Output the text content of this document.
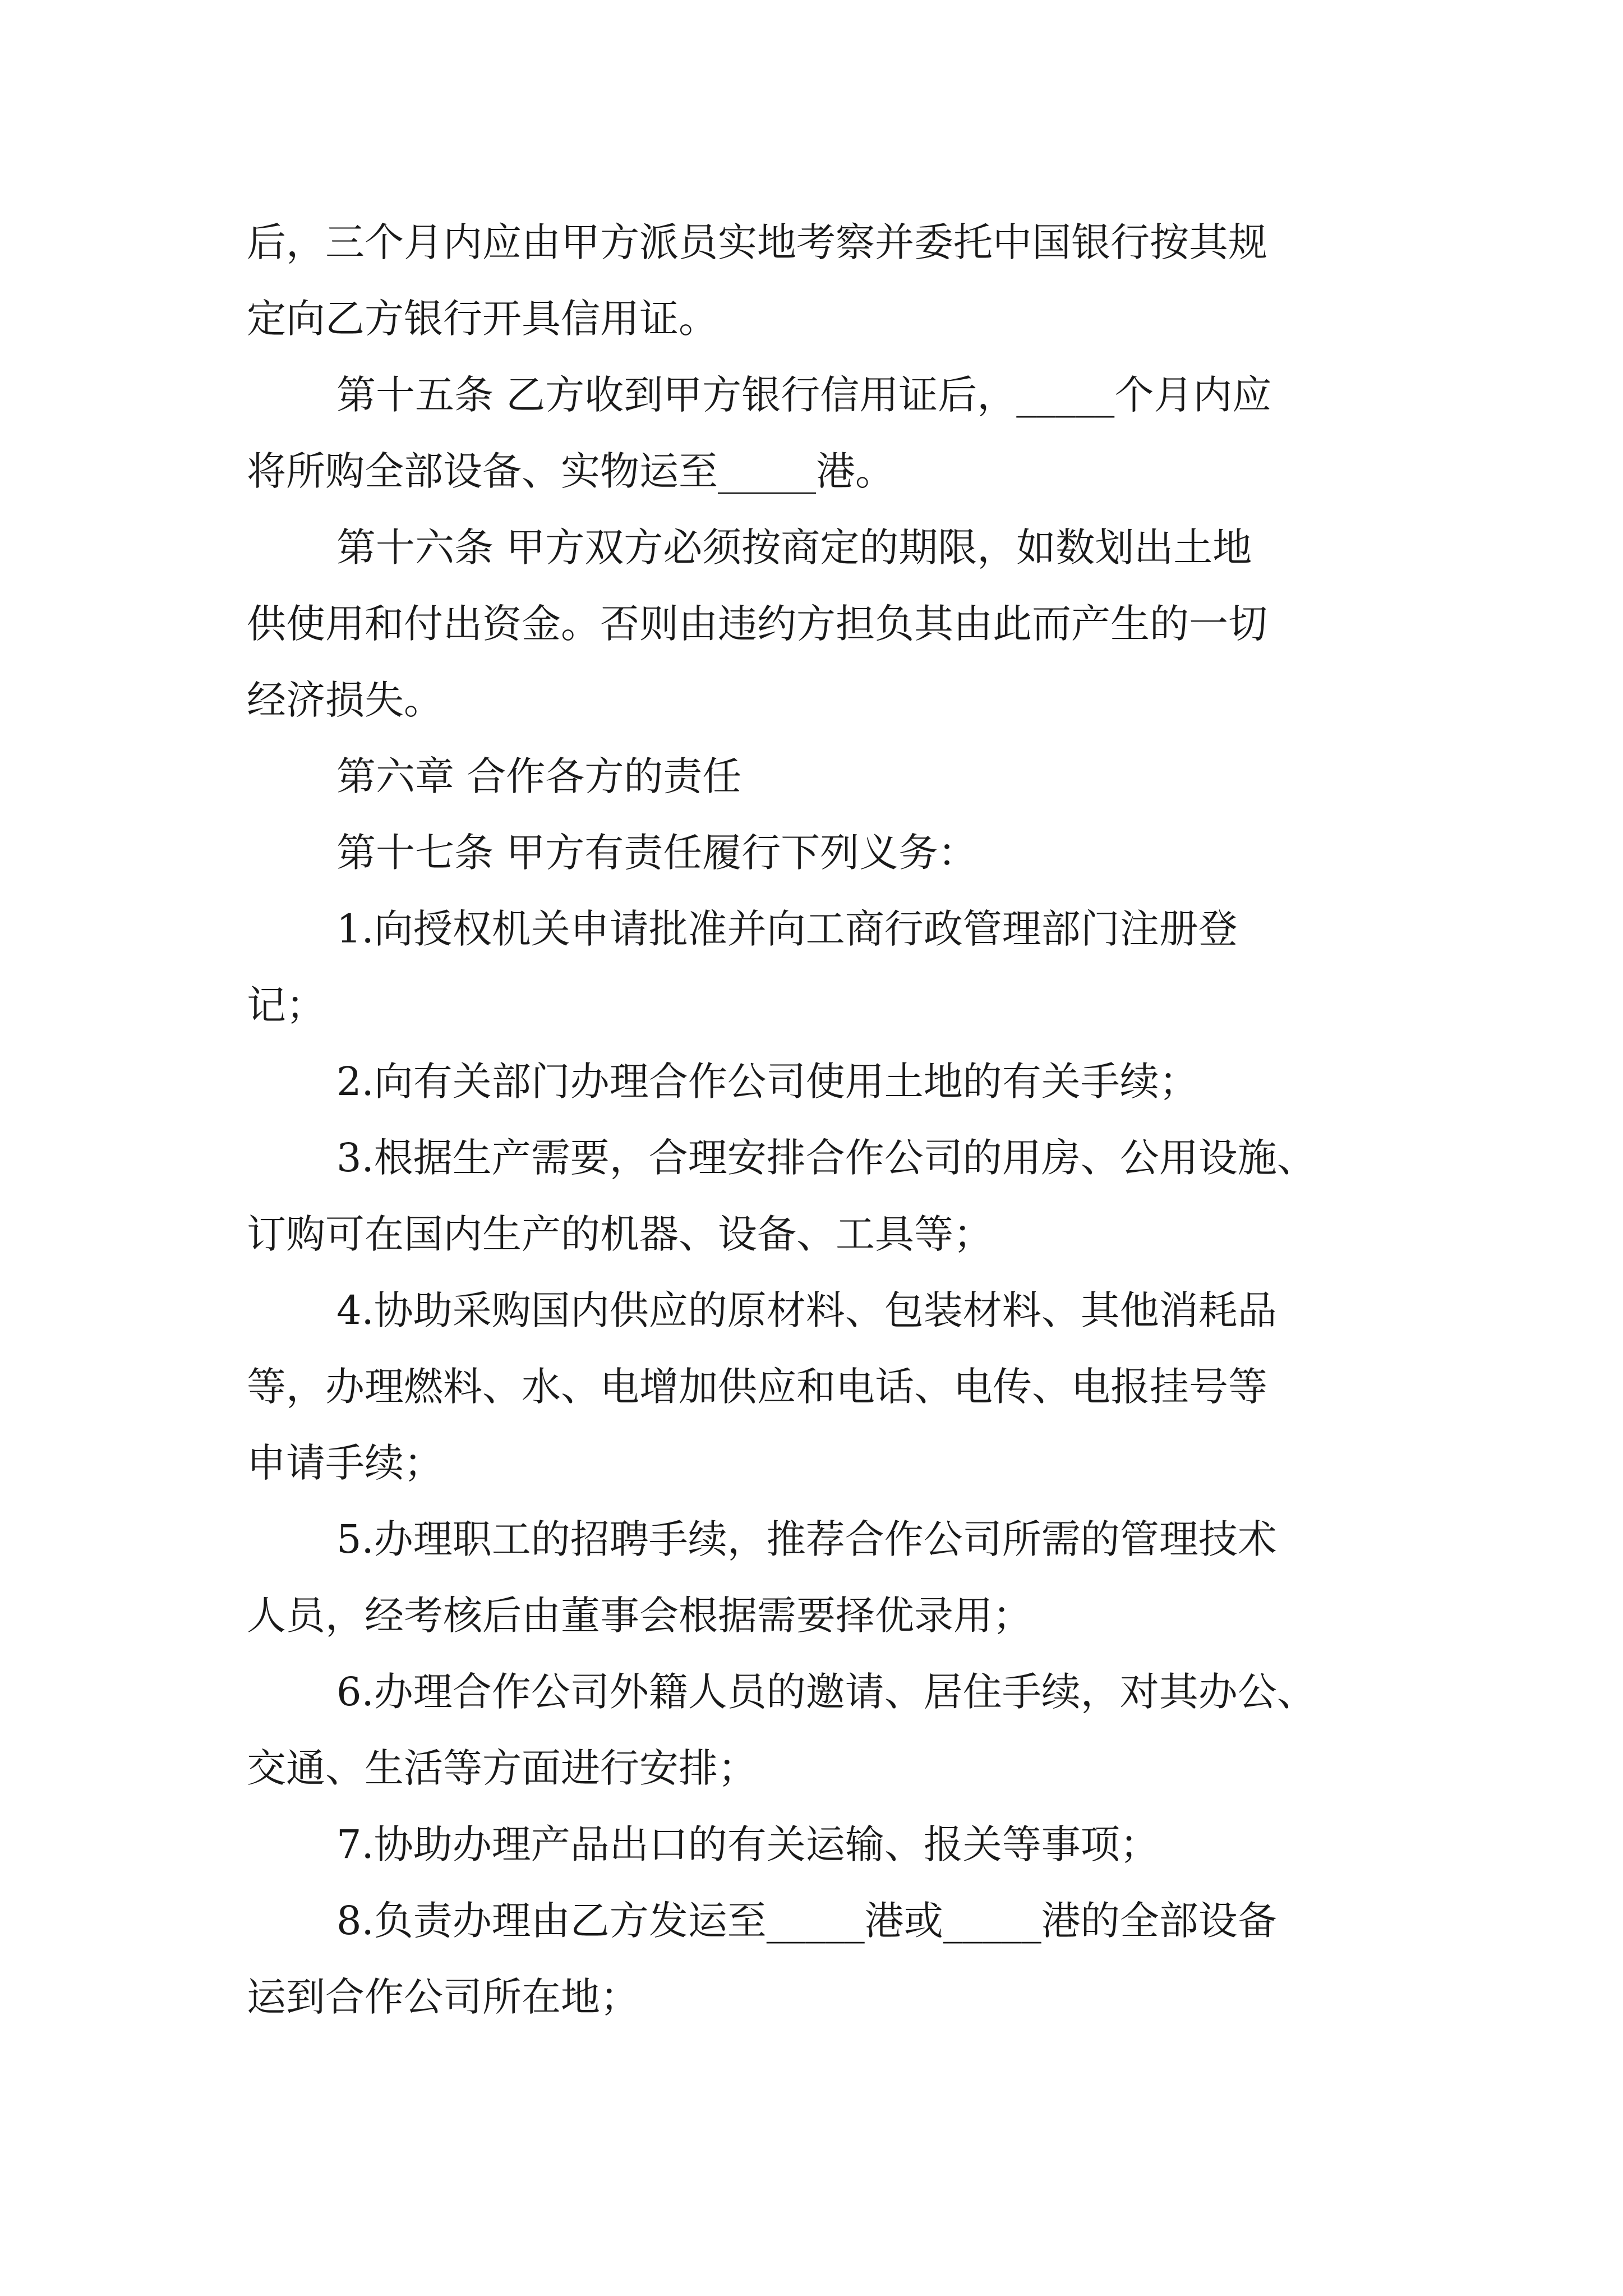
后，三个月内应由甲方派员实地考察并委托中国银行按其规
定向乙方银行开具信用证。
第十五条 乙方收到甲方银行信用证后，_____个月内应
将所购全部设备、实物运至_____港。
第十六条 甲方双方必须按商定的期限，如数划出土地
供使用和付出资金。否则由违约方担负其由此而产生的一切
经济损失。
第六章 合作各方的责任
第十七条 甲方有责任履行下列义务：
1.向授权机关申请批准并向工商行政管理部门注册登
记；
2.向有关部门办理合作公司使用土地的有关手续；
3.根据生产需要，合理安排合作公司的用房、公用设施、
订购可在国内生产的机器、设备、工具等；
4.协助采购国内供应的原材料、包装材料、其他消耗品
等，办理燃料、水、电增加供应和电话、电传、电报挂号等
申请手续；
5.办理职工的招聘手续，推荐合作公司所需的管理技术
人员，经考核后由董事会根据需要择优录用；
6.办理合作公司外籍人员的邀请、居住手续，对其办公、
交通、生活等方面进行安排；
7.协助办理产品出口的有关运输、报关等事项；
8.负责办理由乙方发运至_____港或_____港的全部设备
运到合作公司所在地；
